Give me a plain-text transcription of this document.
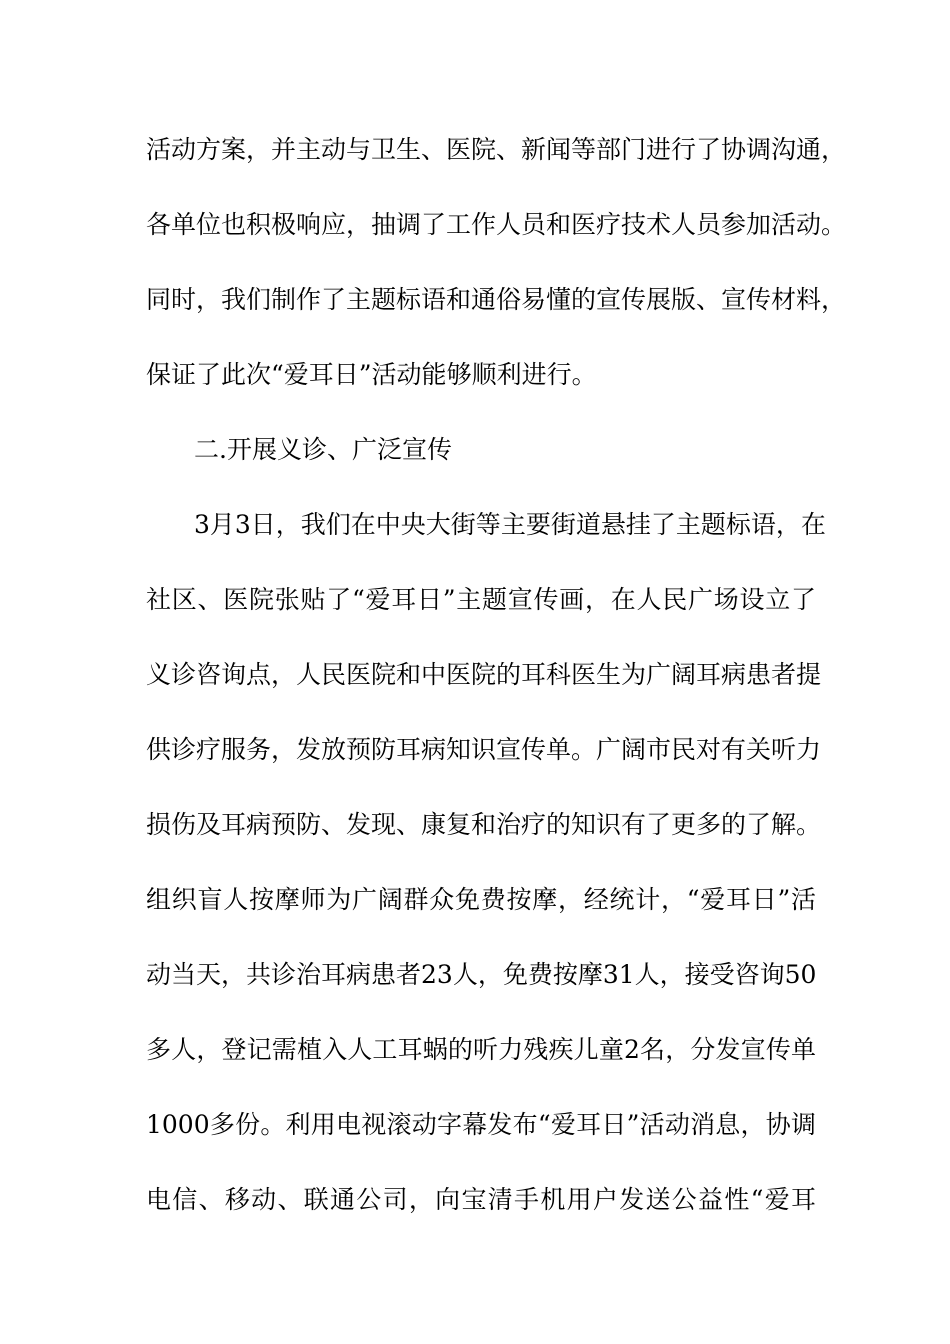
活动方案，并主动与卫生、医院、新闻等部门进行了协调沟通，

各单位也积极响应，抽调了工作人员和医疗技术人员参加活动。

同时，我们制作了主题标语和通俗易懂的宣传展版、宣传材料，

保证了此次“爱耳日”活动能够顺利进行。

二.开展义诊、广泛宣传

3月3日，我们在中央大街等主要街道悬挂了主题标语，在

社区、医院张贴了“爱耳日”主题宣传画，在人民广场设立了

义诊咨询点，人民医院和中医院的耳科医生为广阔耳病患者提

供诊疗服务，发放预防耳病知识宣传单。广阔市民对有关听力

损伤及耳病预防、发现、康复和治疗的知识有了更多的了解。

组织盲人按摩师为广阔群众免费按摩，经统计，“爱耳日”活

动当天，共诊治耳病患者23人，免费按摩31人，接受咨询50

多人，登记需植入人工耳蜗的听力残疾儿童2名，分发宣传单

1000多份。利用电视滚动字幕发布“爱耳日”活动消息，协调

电信、移动、联通公司，向宝清手机用户发送公益性“爱耳
